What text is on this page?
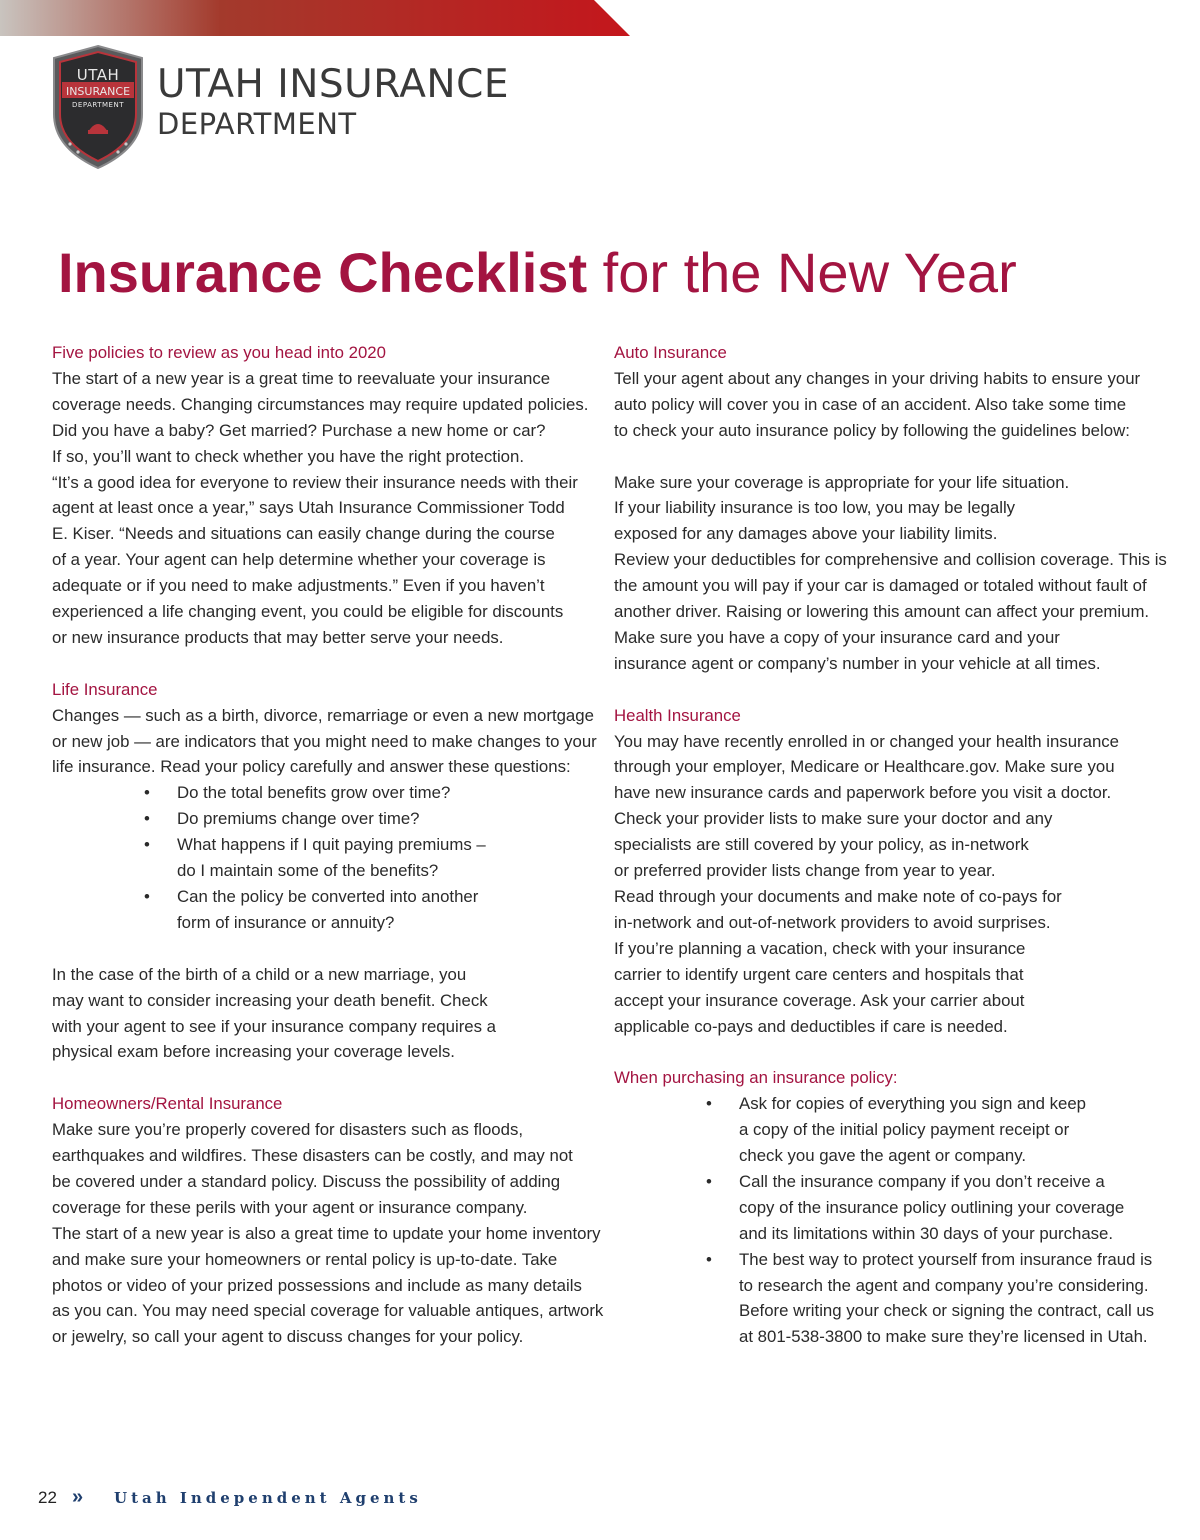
UTAH
INSURANCE
DEPARTMENT UTAH INSURANCE
DEPARTMENT
Insurance Checklist for the New Year

Five policies to review as you head into 2020

The start of a new year is a great time to reevaluate your insurance

coverage needs. Changing circumstances may require updated policies.

Did you have a baby? Get married? Purchase a new home or car?

If so, you’ll want to check whether you have the right protection.

“It’s a good idea for everyone to review their insurance needs with their

agent at least once a year,” says Utah Insurance Commissioner Todd

E. Kiser. “Needs and situations can easily change during the course

of a year. Your agent can help determine whether your coverage is

adequate or if you need to make adjustments.” Even if you haven’t

experienced a life changing event, you could be eligible for discounts

or new insurance products that may better serve your needs.

Life Insurance

Changes — such as a birth, divorce, remarriage or even a new mortgage

or new job — are indicators that you might need to make changes to your

life insurance. Read your policy carefully and answer these questions:

• Do the total benefits grow over time?
• Do premiums change over time?
• What happens if I quit paying premiums –
do I maintain some of the benefits?
• Can the policy be converted into another
form of insurance or annuity?

In the case of the birth of a child or a new marriage, you

may want to consider increasing your death benefit. Check

with your agent to see if your insurance company requires a

physical exam before increasing your coverage levels.

Homeowners/Rental Insurance

Make sure you’re properly covered for disasters such as floods,

earthquakes and wildfires. These disasters can be costly, and may not

be covered under a standard policy. Discuss the possibility of adding

coverage for these perils with your agent or insurance company.

The start of a new year is also a great time to update your home inventory

and make sure your homeowners or rental policy is up-to-date. Take

photos or video of your prized possessions and include as many details

as you can. You may need special coverage for valuable antiques, artwork

or jewelry, so call your agent to discuss changes for your policy.

Auto Insurance

Tell your agent about any changes in your driving habits to ensure your

auto policy will cover you in case of an accident. Also take some time

to check your auto insurance policy by following the guidelines below:

Make sure your coverage is appropriate for your life situation.

If your liability insurance is too low, you may be legally

exposed for any damages above your liability limits.

Review your deductibles for comprehensive and collision coverage. This is

the amount you will pay if your car is damaged or totaled without fault of

another driver. Raising or lowering this amount can affect your premium.

Make sure you have a copy of your insurance card and your

insurance agent or company’s number in your vehicle at all times.

Health Insurance

You may have recently enrolled in or changed your health insurance

through your employer, Medicare or Healthcare.gov. Make sure you

have new insurance cards and paperwork before you visit a doctor.

Check your provider lists to make sure your doctor and any

specialists are still covered by your policy, as in-network

or preferred provider lists change from year to year.

Read through your documents and make note of co-pays for

in-network and out-of-network providers to avoid surprises.

If you’re planning a vacation, check with your insurance

carrier to identify urgent care centers and hospitals that

accept your insurance coverage. Ask your carrier about

applicable co-pays and deductibles if care is needed.

When purchasing an insurance policy:

• Ask for copies of everything you sign and keep
a copy of the initial policy payment receipt or
check you gave the agent or company.
• Call the insurance company if you don’t receive a
copy of the insurance policy outlining your coverage
and its limitations within 30 days of your purchase.
• The best way to protect yourself from insurance fraud is
to research the agent and company you’re considering.
Before writing your check or signing the contract, call us
at 801-538-3800 to make sure they’re licensed in Utah.
22 »	Utah Independent Agents
